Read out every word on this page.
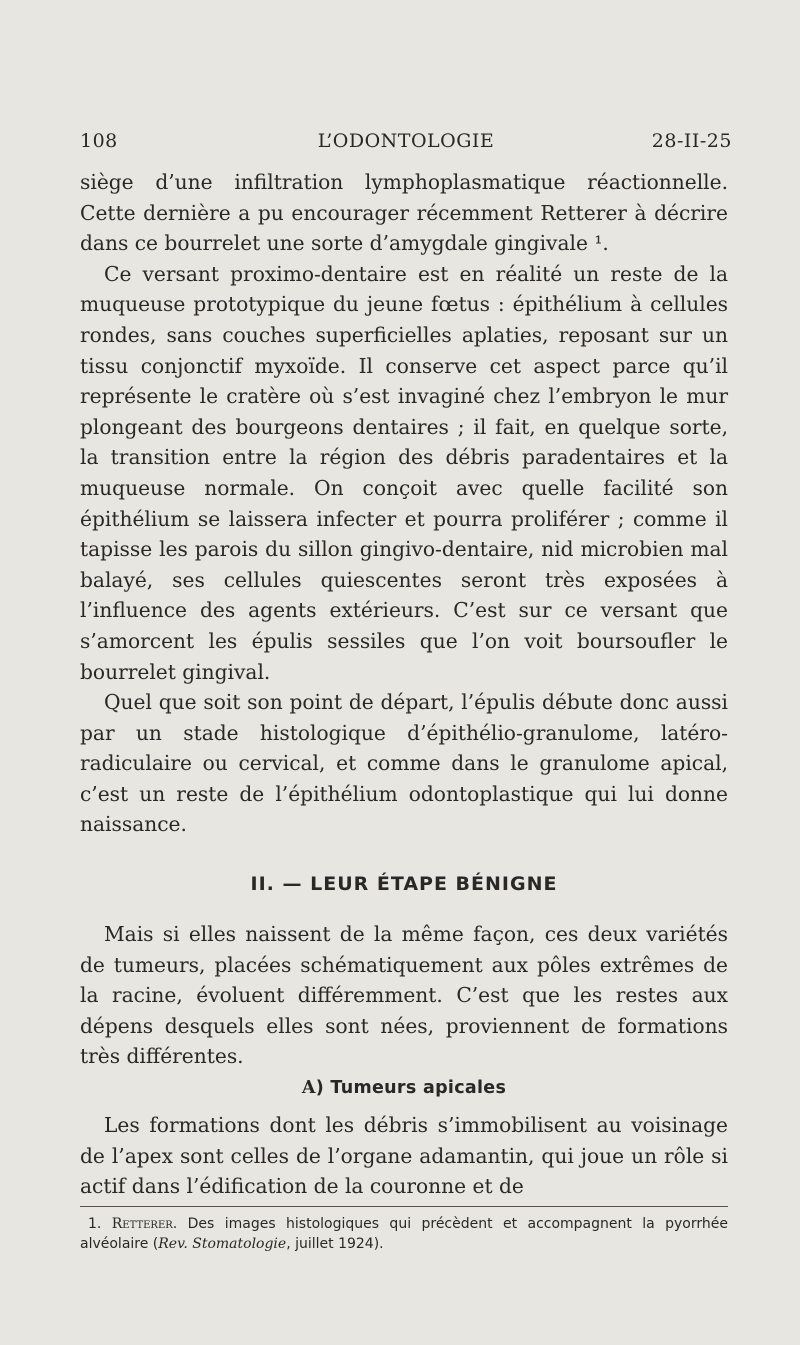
108	L’ODONTOLOGIE	28-II-25

siège d’une infiltration lymphoplasmatique réactionnelle. Cette dernière a pu encourager récemment Retterer à décrire dans ce bourrelet une sorte d’amygdale gingivale ¹.

Ce versant proximo-dentaire est en réalité un reste de la muqueuse prototypique du jeune fœtus : épithélium à cellules rondes, sans couches superficielles aplaties, reposant sur un tissu conjonctif myxoïde. Il conserve cet aspect parce qu’il représente le cratère où s’est invaginé chez l’embryon le mur plongeant des bourgeons dentaires ; il fait, en quelque sorte, la transition entre la région des débris paradentaires et la muqueuse normale. On conçoit avec quelle facilité son épithélium se laissera infecter et pourra proliférer ; comme il tapisse les parois du sillon gingivo-dentaire, nid microbien mal balayé, ses cellules quiescentes seront très exposées à l’influence des agents extérieurs. C’est sur ce versant que s’amorcent les épulis sessiles que l’on voit boursoufler le bourrelet gingival.

Quel que soit son point de départ, l’épulis débute donc aussi par un stade histologique d’épithélio-granulome, latéro-radiculaire ou cervical, et comme dans le granulome apical, c’est un reste de l’épithélium odontoplastique qui lui donne naissance.

II. — LEUR ÉTAPE BÉNIGNE

Mais si elles naissent de la même façon, ces deux variétés de tumeurs, placées schématiquement aux pôles extrêmes de la racine, évoluent différemment. C’est que les restes aux dépens desquels elles sont nées, proviennent de formations très différentes.

A) Tumeurs apicales

Les formations dont les débris s’immobilisent au voisinage de l’apex sont celles de l’organe adamantin, qui joue un rôle si actif dans l’édification de la couronne et de

1. Retterer. Des images histologiques qui précèdent et accompagnent la pyorrhée alvéolaire (Rev. Stomatologie, juillet 1924).
